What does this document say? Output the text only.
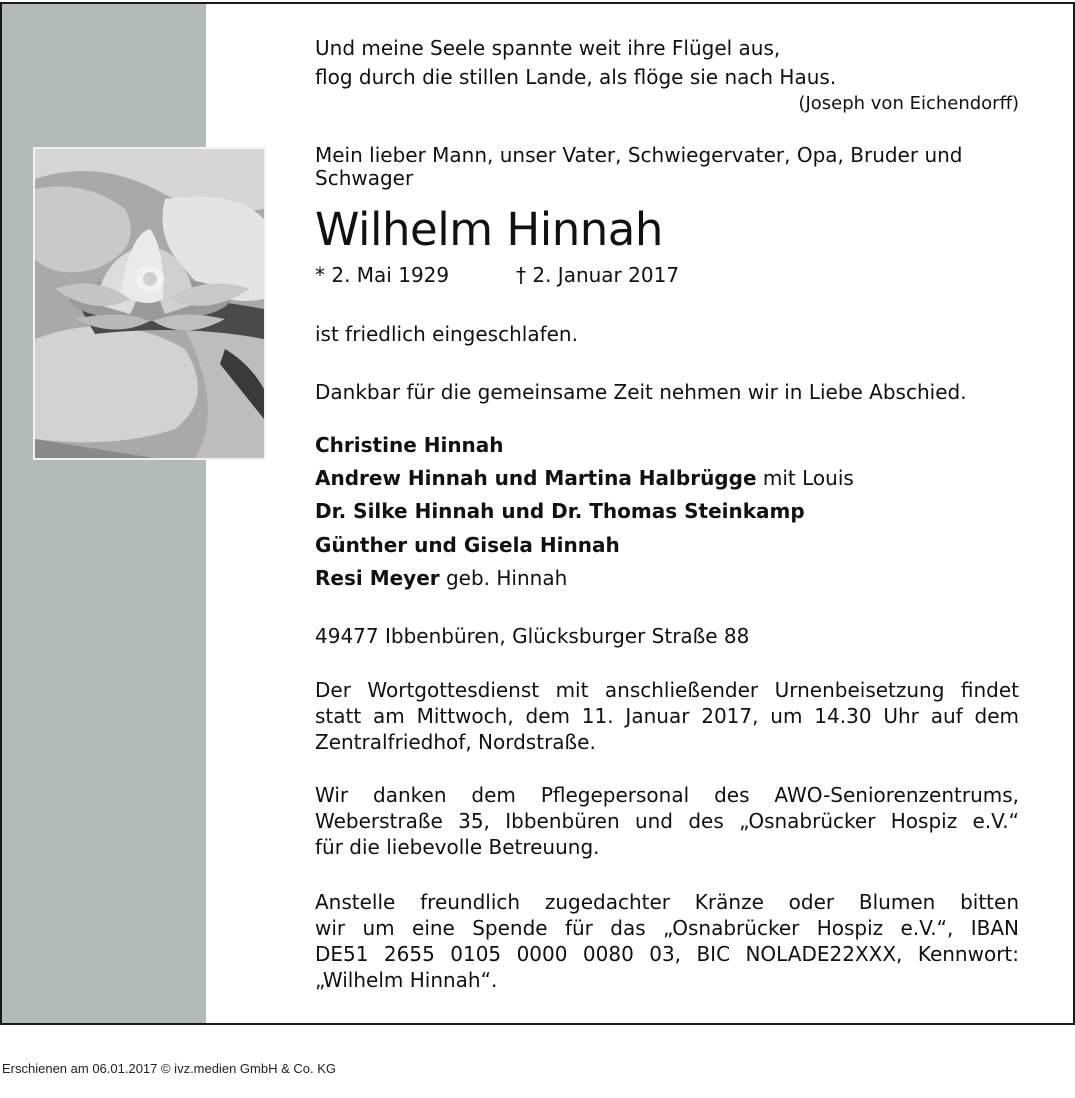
Und meine Seele spannte weit ihre Flügel aus,

flog durch die stillen Lande, als flöge sie nach Haus.

(Joseph von Eichendorff)

Mein lieber Mann, unser Vater, Schwiegervater, Opa, Bruder und

Schwager

Wilhelm Hinnah

* 2. Mai 1929	† 2. Januar 2017

ist friedlich eingeschlafen.

Dankbar für die gemeinsame Zeit nehmen wir in Liebe Abschied.

Christine Hinnah

Andrew Hinnah und Martina Halbrügge mit Louis

Dr. Silke Hinnah und Dr. Thomas Steinkamp

Günther und Gisela Hinnah

Resi Meyer geb. Hinnah

49477 Ibbenbüren, Glücksburger Straße 88

Der Wortgottesdienst mit anschließender Urnenbeisetzung findet
statt am Mittwoch, dem 11. Januar 2017, um 14.30 Uhr auf dem
Zentralfriedhof, Nordstraße.
Wir danken dem Pflegepersonal des AWO-Seniorenzentrums,
Weberstraße 35, Ibbenbüren und des „Osnabrücker Hospiz e.V.“
für die liebevolle Betreuung.
Anstelle freundlich zugedachter Kränze oder Blumen bitten
wir um eine Spende für das „Osnabrücker Hospiz e.V.“, IBAN
DE51 2655 0105 0000 0080 03, BIC NOLADE22XXX, Kennwort:
„Wilhelm Hinnah“.
Erschienen am 06.01.2017 © ivz.medien GmbH & Co. KG
